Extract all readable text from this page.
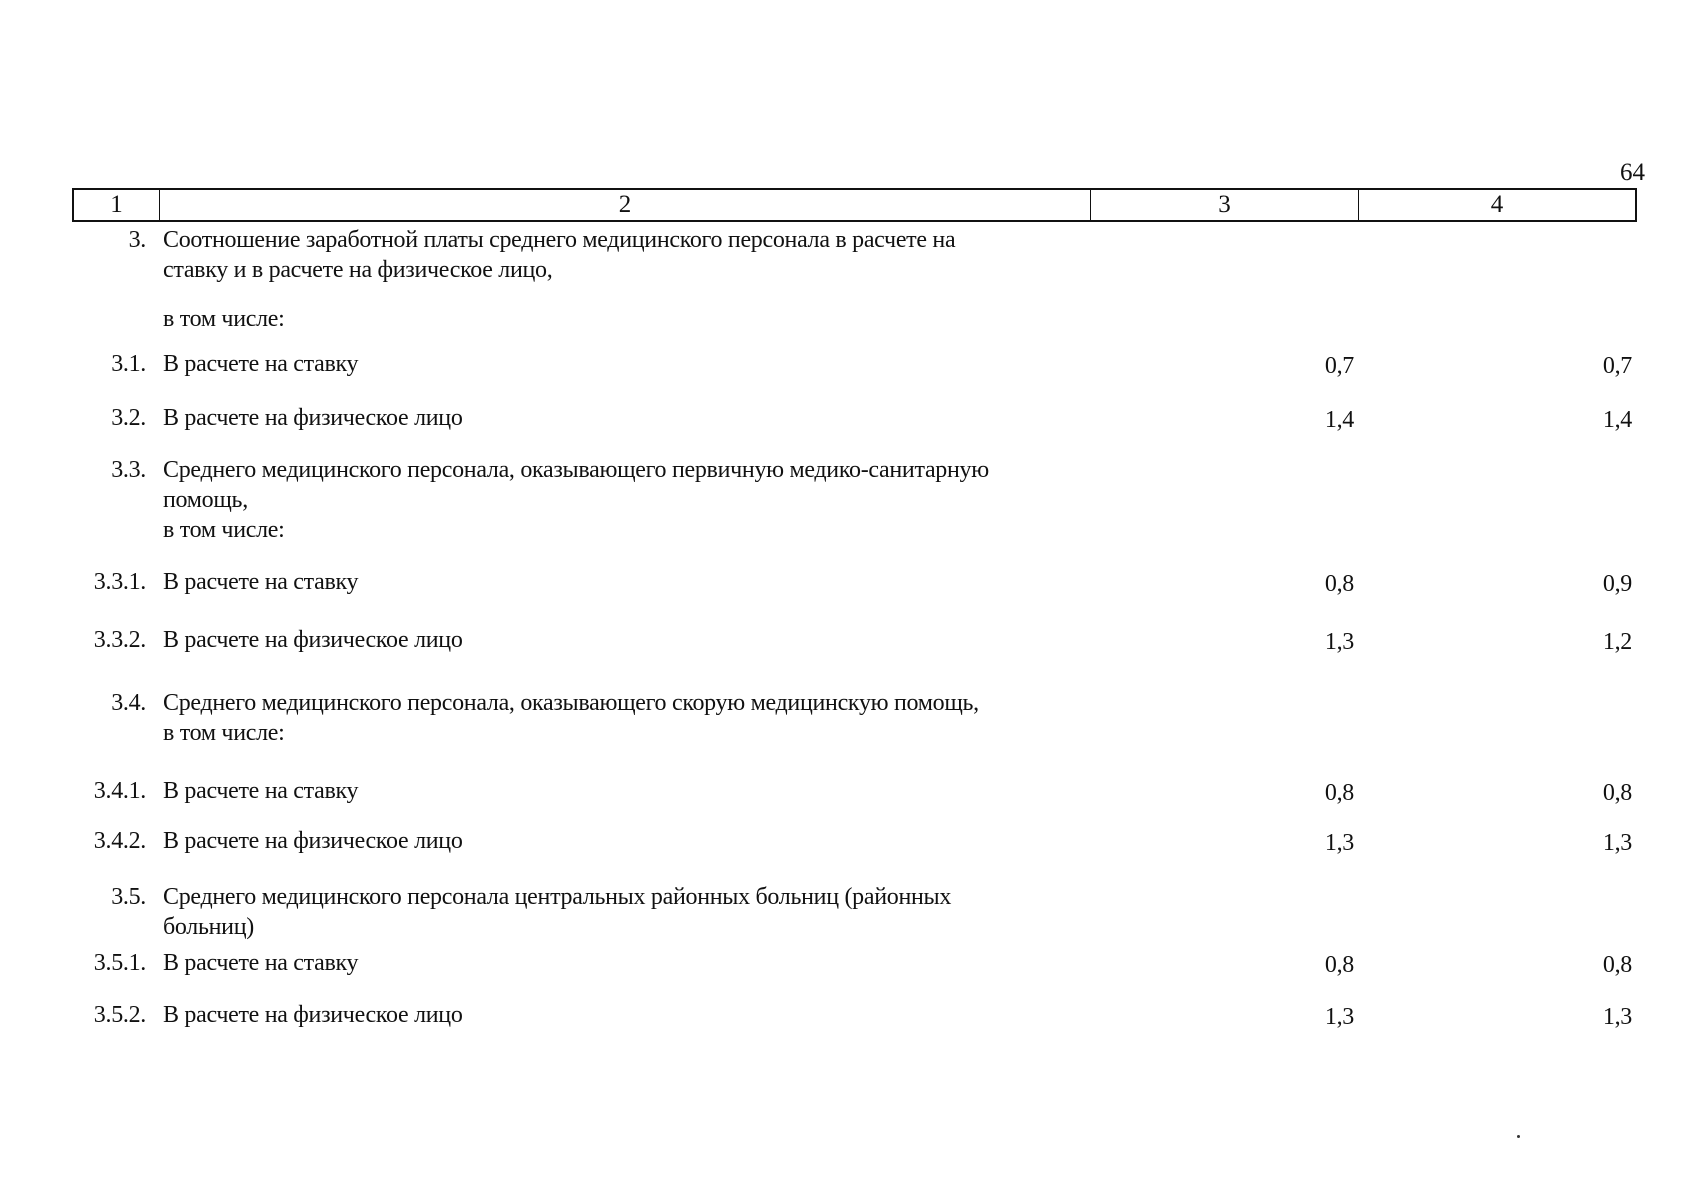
64
1	2	3	4
3. Соотношение заработной платы среднего медицинского персонала в расчете на
ставку и в расчете на физическое лицо,
в том числе:
3.1. В расчете на ставку	0,7	0,7
3.2. В расчете на физическое лицо	1,4	1,4
3.3. Среднего медицинского персонала, оказывающего первичную медико-санитарную
помощь,
в том числе:
3.3.1. В расчете на ставку	0,8	0,9
3.3.2. В расчете на физическое лицо	1,3	1,2
3.4. Среднего медицинского персонала, оказывающего скорую медицинскую помощь,
в том числе:
3.4.1. В расчете на ставку	0,8	0,8
3.4.2. В расчете на физическое лицо	1,3	1,3
3.5. Среднего медицинского персонала центральных районных больниц (районных
больниц)
3.5.1. В расчете на ставку	0,8	0,8
3.5.2. В расчете на физическое лицо	1,3	1,3
